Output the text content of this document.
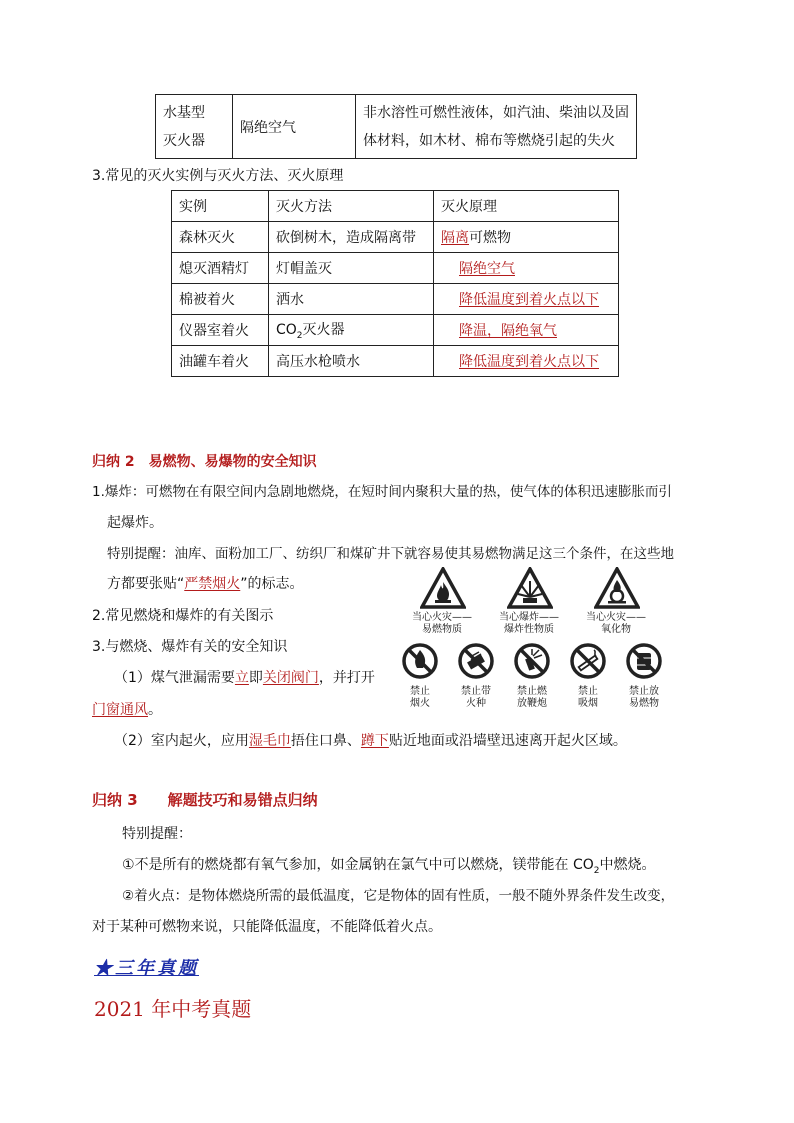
水基型
灭火器	隔绝空气	非水溶性可燃性液体，如汽油、柴油以及固
体材料，如木材、棉布等燃烧引起的失火
3.常见的灭火实例与灭火方法、灭火原理
实例	灭火方法	灭火原理
森林灭火	砍倒树木，造成隔离带	隔离可燃物
熄灭酒精灯	灯帽盖灭	隔绝空气
棉被着火	洒水	降低温度到着火点以下
仪器室着火	$CO_2$灭火器	降温，隔绝氧气
油罐车着火	高压水枪喷水	降低温度到着火点以下
归纳 2　易燃物、易爆物的安全知识
1.爆炸：可燃物在有限空间内急剧地燃烧，在短时间内聚积大量的热，使气体的体积迅速膨胀而引
起爆炸。
特别提醒：油库、面粉加工厂、纺织厂和煤矿井下就容易使其易燃物满足这三个条件，在这些地
方都要张贴“严禁烟火”的标志。
2.常见燃烧和爆炸的有关图示
3.与燃烧、爆炸有关的安全知识
（1）煤气泄漏需要立即关闭阀门，并打开
门窗通风。
（2）室内起火，应用湿毛巾捂住口鼻、蹲下贴近地面或沿墙壁迅速离开起火区域。
当心火灾——
易燃物质
当心爆炸——
爆炸性物质
当心火灾——
氧化物
禁止
烟火
禁止带
火种
禁止燃
放鞭炮
禁止
吸烟
禁止放
易燃物
归纳 3　　解题技巧和易错点归纳
特别提醒：
①不是所有的燃烧都有氧气参加，如金属钠在氯气中可以燃烧，镁带能在 $CO_2$中燃烧。
②着火点：是物体燃烧所需的最低温度，它是物体的固有性质，一般不随外界条件发生改变，
对于某种可燃物来说，只能降低温度，不能降低着火点。
★三年真题
2021 年中考真题
